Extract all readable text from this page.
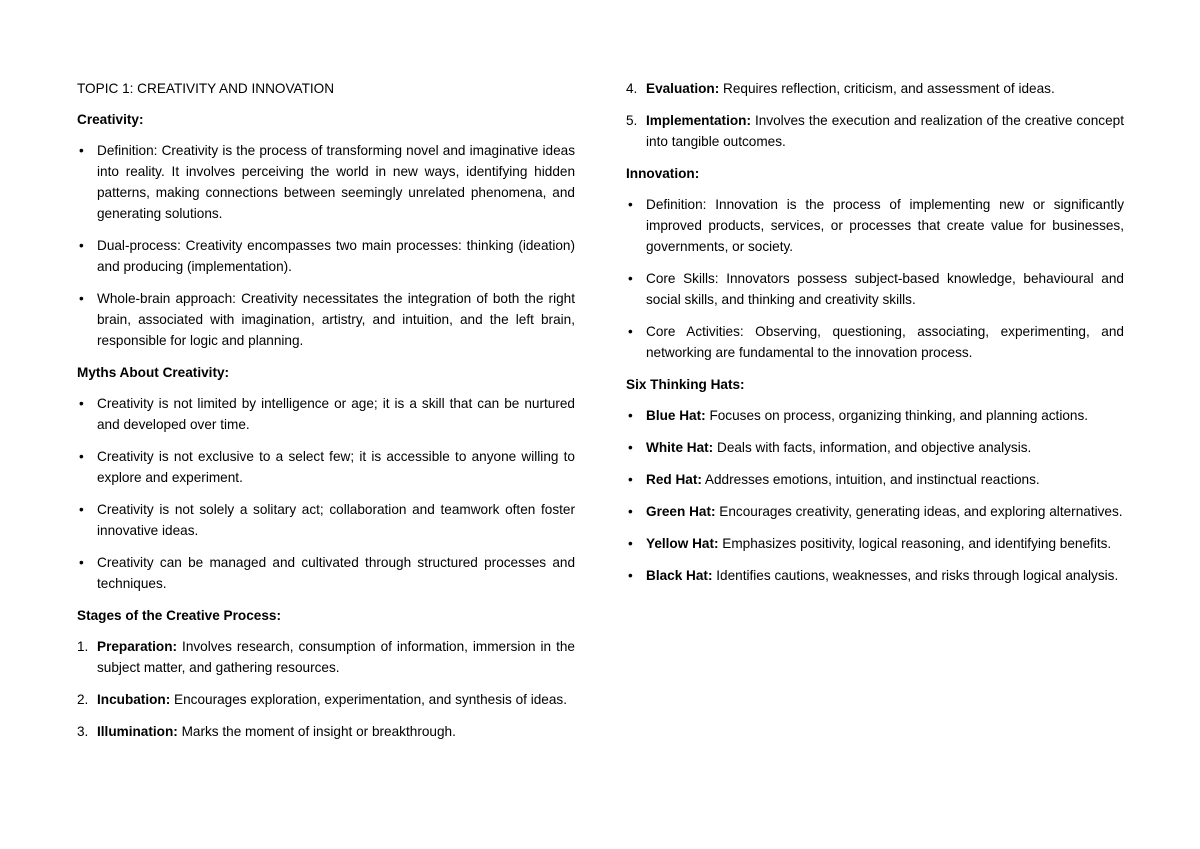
TOPIC 1: CREATIVITY AND INNOVATION
Creativity:
• Definition: Creativity is the process of transforming novel and imaginative ideas into reality. It involves perceiving the world in new ways, identifying hidden patterns, making connections between seemingly unrelated phenomena, and generating solutions.
• Dual-process: Creativity encompasses two main processes: thinking (ideation) and producing (implementation).
• Whole-brain approach: Creativity necessitates the integration of both the right brain, associated with imagination, artistry, and intuition, and the left brain, responsible for logic and planning.
Myths About Creativity:
• Creativity is not limited by intelligence or age; it is a skill that can be nurtured and developed over time.
• Creativity is not exclusive to a select few; it is accessible to anyone willing to explore and experiment.
• Creativity is not solely a solitary act; collaboration and teamwork often foster innovative ideas.
• Creativity can be managed and cultivated through structured processes and techniques.
Stages of the Creative Process:
1. Preparation: Involves research, consumption of information, immersion in the subject matter, and gathering resources.
2. Incubation: Encourages exploration, experimentation, and synthesis of ideas.
3. Illumination: Marks the moment of insight or breakthrough.
4. Evaluation: Requires reflection, criticism, and assessment of ideas.
5. Implementation: Involves the execution and realization of the creative concept into tangible outcomes.
Innovation:
• Definition: Innovation is the process of implementing new or significantly improved products, services, or processes that create value for businesses, governments, or society.
• Core Skills: Innovators possess subject-based knowledge, behavioural and social skills, and thinking and creativity skills.
• Core Activities: Observing, questioning, associating, experimenting, and networking are fundamental to the innovation process.
Six Thinking Hats:
• Blue Hat: Focuses on process, organizing thinking, and planning actions.
• White Hat: Deals with facts, information, and objective analysis.
• Red Hat: Addresses emotions, intuition, and instinctual reactions.
• Green Hat: Encourages creativity, generating ideas, and exploring alternatives.
• Yellow Hat: Emphasizes positivity, logical reasoning, and identifying benefits.
• Black Hat: Identifies cautions, weaknesses, and risks through logical analysis.
